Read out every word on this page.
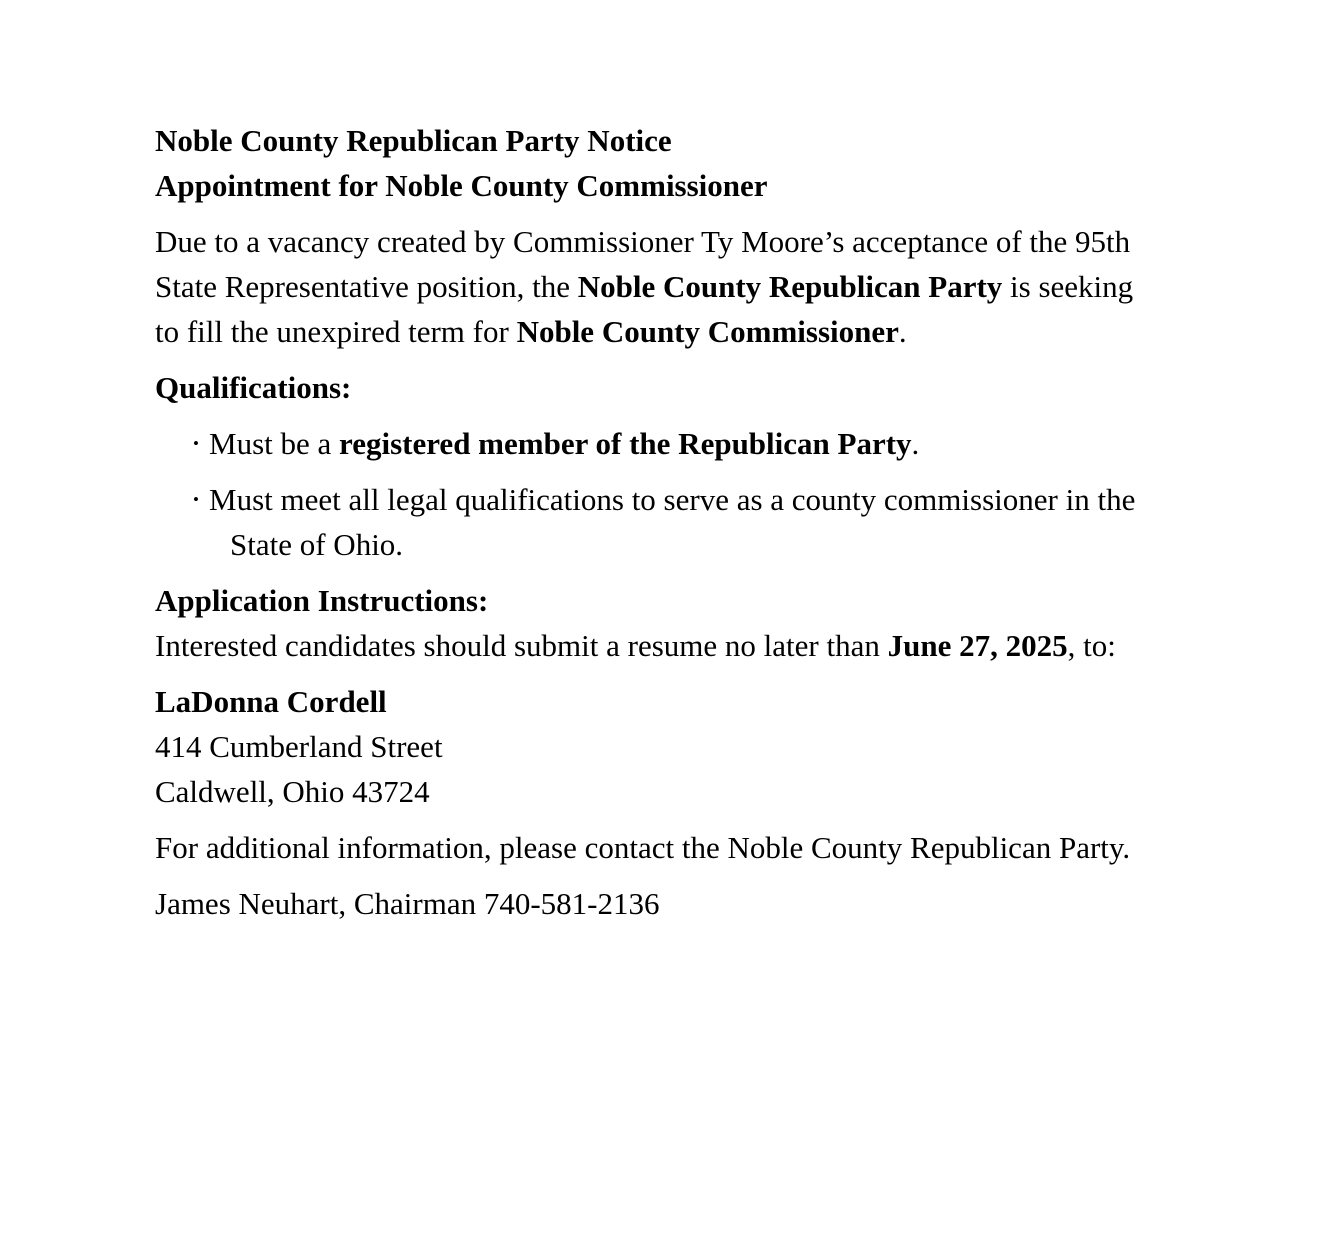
Noble County Republican Party Notice
Appointment for Noble County Commissioner

Due to a vacancy created by Commissioner Ty Moore’s acceptance of the 95th State Representative position, the Noble County Republican Party is seeking to fill the unexpired term for Noble County Commissioner.

Qualifications:
• Must be a registered member of the Republican Party.
• Must meet all legal qualifications to serve as a county commissioner in the State of Ohio.

Application Instructions:
Interested candidates should submit a resume no later than June 27, 2025, to:

LaDonna Cordell
414 Cumberland Street
Caldwell, Ohio 43724

For additional information, please contact the Noble County Republican Party.

James Neuhart, Chairman 740-581-2136
